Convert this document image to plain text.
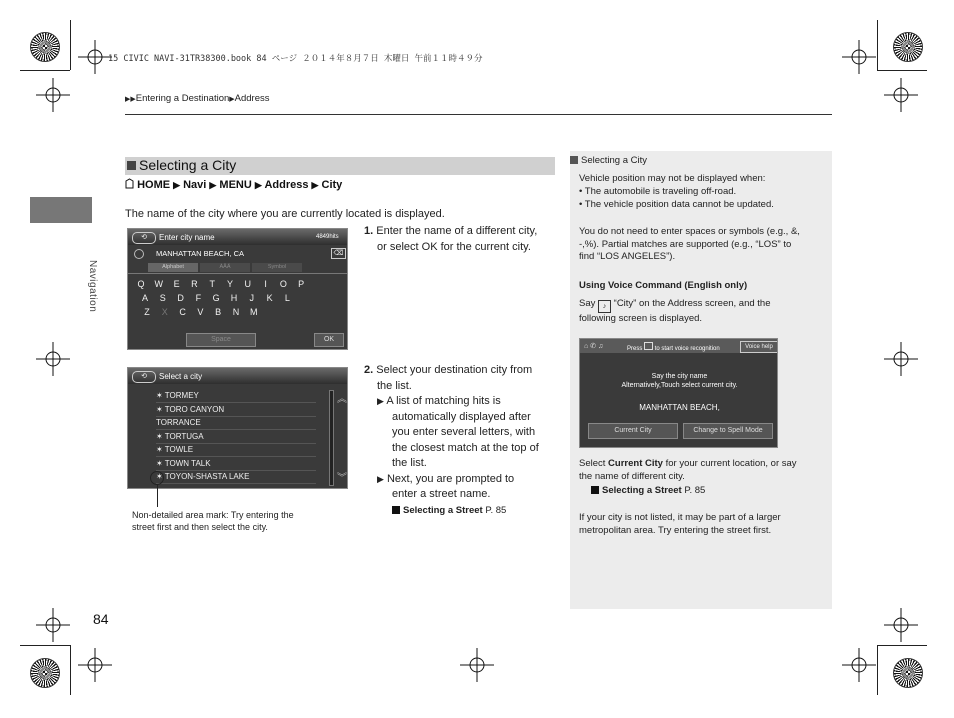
15 CIVIC NAVI-31TR38300.book 84 ページ ２０１４年８月７日 木曜日 午前１１時４９分
▶▶Entering a Destination▶Address
Navigation
Selecting a City
HOME ▶ Navi ▶ MENU ▶ Address ▶ City
The name of the city where you are currently located is displayed.
⟲	Enter city name	4849hits
MANHATTAN BEACH, CA	⌫
Alphabet	ÀÅÄ	Symbol
Q	W	E	R	T	Y	U	I	O	P
A	S	D	F	G	H	J	K	L
Z	X	C	V	B	N	M
Space	OK
1. Enter the name of a different city,
or select OK for the current city.
⟲	Select a city
✶ TORMEY
✶ TORO CANYON
TORRANCE
✶ TORTUGA
✶ TOWLE
✶ TOWN TALK
✶ TOYON-SHASTA LAKE
︽
︾
Non-detailed area mark: Try entering the
street first and then select the city.
2. Select your destination city from
the list.
▶ A list of matching hits is
automatically displayed after
you enter several letters, with
the closest match at the top of
the list.
▶ Next, you are prompted to
enter a street name.
Selecting a Street P. 85
Selecting a City
Vehicle position may not be displayed when:
• The automobile is traveling off-road.
• The vehicle position data cannot be updated.
You do not need to enter spaces or symbols (e.g., &,
-,%). Partial matches are supported (e.g., “LOS” to
find “LOS ANGELES”).
Using Voice Command (English only)
Say ♪ “City” on the Address screen, and the
following screen is displayed.
⌂ ✆ ♫	Press to start voice recognition	Voice help
Say the city name
Alternatively,Touch select current city.
MANHATTAN BEACH,
Current City	Change to Spell Mode
Select Current City for your current location, or say
the name of different city.
Selecting a Street P. 85
If your city is not listed, it may be part of a larger
metropolitan area. Try entering the street first.
84
